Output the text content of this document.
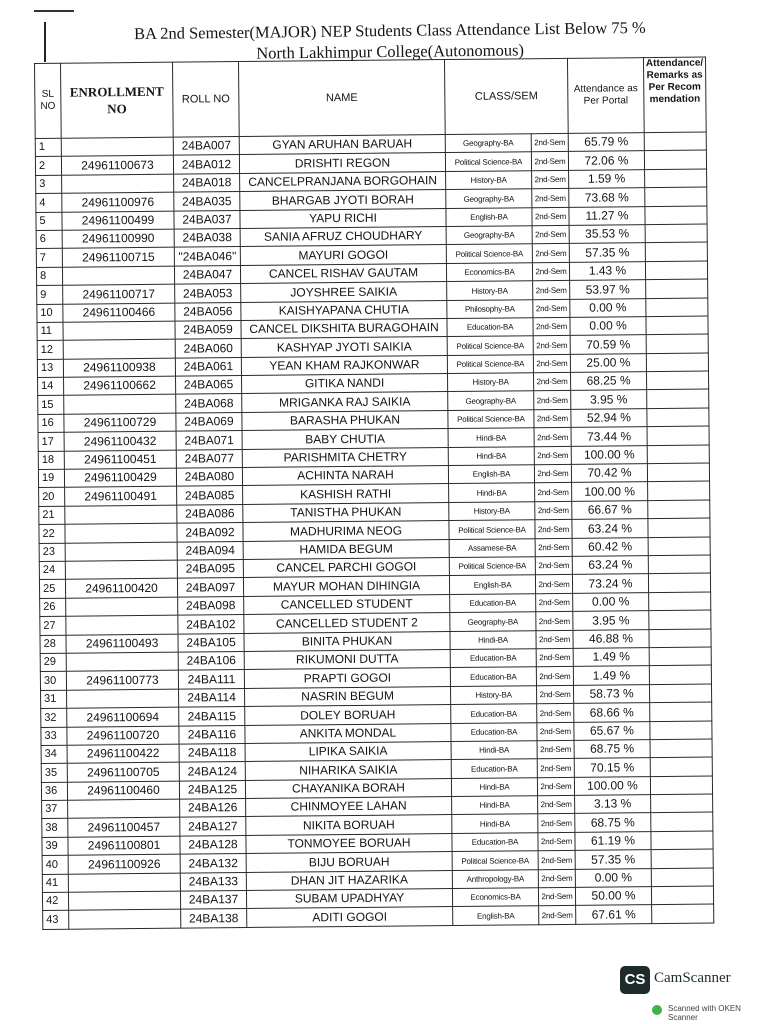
BA 2nd Semester(MAJOR) NEP Students Class Attendance List Below 75 %
North Lakhimpur College(Autonomous)
SL NO	ENROLLMENT NO	ROLL NO	NAME	CLASS/SEM		Attendance as Per Portal	Attendance/Remarks as Per Recommendation
1		24BA007	GYAN ARUHAN BARUAH	Geography-BA	2nd-Sem	65.79 %	
2	24961100673	24BA012	DRISHTI REGON	Political Science-BA	2nd-Sem	72.06 %	
3		24BA018	CANCELPRANJANA BORGOHAIN	History-BA	2nd-Sem	1.59 %	
4	24961100976	24BA035	BHARGAB JYOTI BORAH	Geography-BA	2nd-Sem	73.68 %	
5	24961100499	24BA037	YAPU RICHI	English-BA	2nd-Sem	11.27 %	
6	24961100990	24BA038	SANIA AFRUZ CHOUDHARY	Geography-BA	2nd-Sem	35.53 %	
7	24961100715	"24BA046"	MAYURI GOGOI	Political Science-BA	2nd-Sem	57.35 %	
8		24BA047	CANCEL RISHAV GAUTAM	Economics-BA	2nd-Sem	1.43 %	
9	24961100717	24BA053	JOYSHREE SAIKIA	History-BA	2nd-Sem	53.97 %	
10	24961100466	24BA056	KAISHYAPANA CHUTIA	Philosophy-BA	2nd-Sem	0.00 %	
11		24BA059	CANCEL DIKSHITA BURAGOHAIN	Education-BA	2nd-Sem	0.00 %	
12		24BA060	KASHYAP JYOTI SAIKIA	Political Science-BA	2nd-Sem	70.59 %	
13	24961100938	24BA061	YEAN KHAM RAJKONWAR	Political Science-BA	2nd-Sem	25.00 %	
14	24961100662	24BA065	GITIKA NANDI	History-BA	2nd-Sem	68.25 %	
15		24BA068	MRIGANKA RAJ SAIKIA	Geography-BA	2nd-Sem	3.95 %	
16	24961100729	24BA069	BARASHA PHUKAN	Political Science-BA	2nd-Sem	52.94 %	
17	24961100432	24BA071	BABY CHUTIA	Hindi-BA	2nd-Sem	73.44 %	
18	24961100451	24BA077	PARISHMITA CHETRY	Hindi-BA	2nd-Sem	100.00 %	
19	24961100429	24BA080	ACHINTA NARAH	English-BA	2nd-Sem	70.42 %	
20	24961100491	24BA085	KASHISH RATHI	Hindi-BA	2nd-Sem	100.00 %	
21		24BA086	TANISTHA PHUKAN	History-BA	2nd-Sem	66.67 %	
22		24BA092	MADHURIMA NEOG	Political Science-BA	2nd-Sem	63.24 %	
23		24BA094	HAMIDA BEGUM	Assamese-BA	2nd-Sem	60.42 %	
24		24BA095	CANCEL PARCHI GOGOI	Political Science-BA	2nd-Sem	63.24 %	
25	24961100420	24BA097	MAYUR MOHAN DIHINGIA	English-BA	2nd-Sem	73.24 %	
26		24BA098	CANCELLED STUDENT	Education-BA	2nd-Sem	0.00 %	
27		24BA102	CANCELLED STUDENT 2	Geography-BA	2nd-Sem	3.95 %	
28	24961100493	24BA105	BINITA PHUKAN	Hindi-BA	2nd-Sem	46.88 %	
29		24BA106	RIKUMONI DUTTA	Education-BA	2nd-Sem	1.49 %	
30	24961100773	24BA111	PRAPTI GOGOI	Education-BA	2nd-Sem	1.49 %	
31		24BA114	NASRIN BEGUM	History-BA	2nd-Sem	58.73 %	
32	24961100694	24BA115	DOLEY BORUAH	Education-BA	2nd-Sem	68.66 %	
33	24961100720	24BA116	ANKITA MONDAL	Education-BA	2nd-Sem	65.67 %	
34	24961100422	24BA118	LIPIKA SAIKIA	Hindi-BA	2nd-Sem	68.75 %	
35	24961100705	24BA124	NIHARIKA SAIKIA	Education-BA	2nd-Sem	70.15 %	
36	24961100460	24BA125	CHAYANIKA BORAH	Hindi-BA	2nd-Sem	100.00 %	
37		24BA126	CHINMOYEE LAHAN	Hindi-BA	2nd-Sem	3.13 %	
38	24961100457	24BA127	NIKITA BORUAH	Hindi-BA	2nd-Sem	68.75 %	
39	24961100801	24BA128	TONMOYEE BORUAH	Education-BA	2nd-Sem	61.19 %	
40	24961100926	24BA132	BIJU BORUAH	Political Science-BA	2nd-Sem	57.35 %	
41		24BA133	DHAN JIT HAZARIKA	Anthropology-BA	2nd-Sem	0.00 %	
42		24BA137	SUBAM UPADHYAY	Economics-BA	2nd-Sem	50.00 %	
43		24BA138	ADITI GOGOI	English-BA	2nd-Sem	67.61 %	
CS CamScanner
Scanned with OKEN Scanner
